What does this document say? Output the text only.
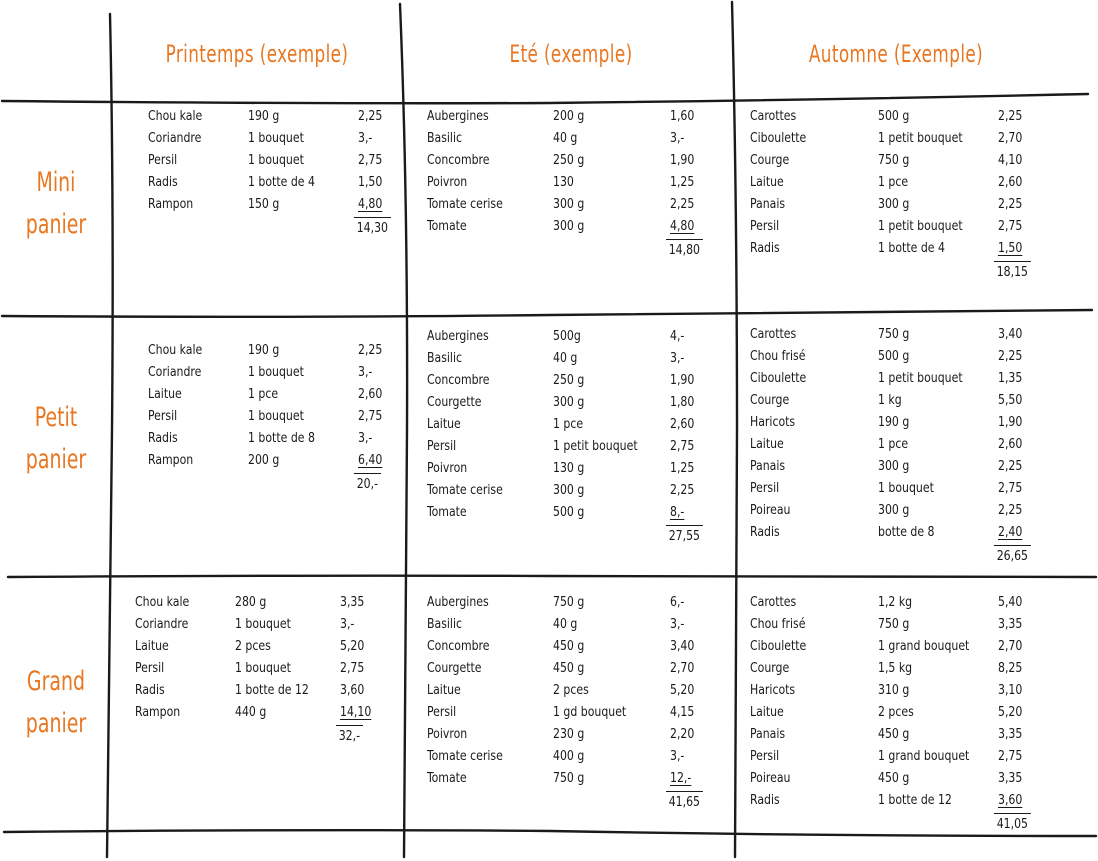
Printemps (exemple)	Eté (exemple)	Automne (Exemple)
Mini
panier
Petit
panier
Grand
panier
Chou kale	190 g	2,25
Coriandre	1 bouquet	3,-
Persil	1 bouquet	2,75
Radis	1 botte de 4	1,50
Rampon	150 g	4,80
14,30
Aubergines	200 g	1,60
Basilic	40 g	3,-
Concombre	250 g	1,90
Poivron	130	1,25
Tomate cerise	300 g	2,25
Tomate	300 g	4,80
14,80
Carottes	500 g	2,25
Ciboulette	1 petit bouquet	2,70
Courge	750 g	4,10
Laitue	1 pce	2,60
Panais	300 g	2,25
Persil	1 petit bouquet	2,75
Radis	1 botte de 4	1,50
18,15
Chou kale	190 g	2,25
Coriandre	1 bouquet	3,-
Laitue	1 pce	2,60
Persil	1 bouquet	2,75
Radis	1 botte de 8	3,-
Rampon	200 g	6,40
20,-
Aubergines	500g	4,-
Basilic	40 g	3,-
Concombre	250 g	1,90
Courgette	300 g	1,80
Laitue	1 pce	2,60
Persil	1 petit bouquet 2,75
Poivron	130 g	1,25
Tomate cerise	300 g	2,25
Tomate	500 g	8,-
27,55
Carottes	750 g	3,40
Chou frisé	500 g	2,25
Ciboulette	1 petit bouquet	1,35
Courge	1 kg	5,50
Haricots	190 g	1,90
Laitue	1 pce	2,60
Panais	300 g	2,25
Persil	1 bouquet	2,75
Poireau	300 g	2,25
Radis	botte de 8	2,40
26,65
Chou kale	280 g	3,35
Coriandre	1 bouquet	3,-
Laitue	2 pces	5,20
Persil	1 bouquet	2,75
Radis	1 botte de 12 3,60
Rampon	440 g	14,10
32,-
Aubergines	750 g	6,-
Basilic	40 g	3,-
Concombre	450 g	3,40
Courgette	450 g	2,70
Laitue	2 pces	5,20
Persil	1 gd bouquet	4,15
Poivron	230 g	2,20
Tomate cerise	400 g	3,-
Tomate	750 g	12,-
41,65
Carottes	1,2 kg	5,40
Chou frisé	750 g	3,35
Ciboulette	1 grand bouquet 2,70
Courge	1,5 kg	8,25
Haricots	310 g	3,10
Laitue	2 pces	5,20
Panais	450 g	3,35
Persil	1 grand bouquet 2,75
Poireau	450 g	3,35
Radis	1 botte de 12	3,60
41,05
